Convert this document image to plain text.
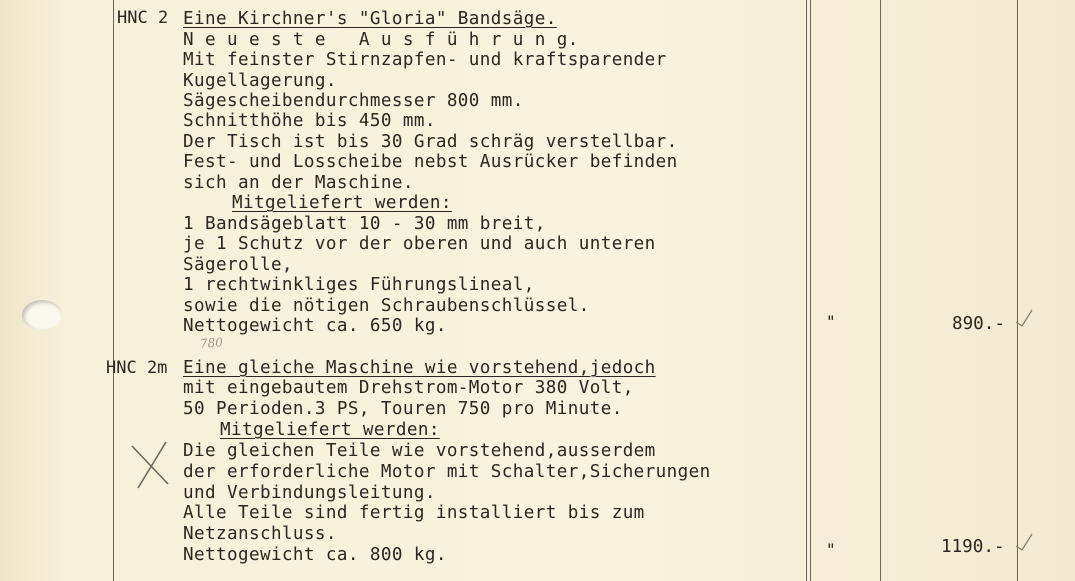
HNC 2 Eine Kirchner's "Gloria" Bandsäge.
N e u e s t e   A u s f ü h r u n g.
Mit feinster Stirnzapfen- und kraftsparender
Kugellagerung.
Sägescheibendurchmesser 800 mm.
Schnitthöhe bis 450 mm.
Der Tisch ist bis 30 Grad schräg verstellbar.
Fest- und Losscheibe nebst Ausrücker befinden
sich an der Maschine.
Mitgeliefert werden:
1 Bandsägeblatt 10 - 30 mm breit,
je 1 Schutz vor der oberen und auch unteren
Sägerolle,
1 rechtwinkliges Führungslineal,
sowie die nötigen Schraubenschlüssel.
Nettogewicht ca. 650 kg.	"	890.-
780
HNC 2m Eine gleiche Maschine wie vorstehend,jedoch
mit eingebautem Drehstrom-Motor 380 Volt,
50 Perioden.3 PS, Touren 750 pro Minute.
Mitgeliefert werden:
Die gleichen Teile wie vorstehend,ausserdem
der erforderliche Motor mit Schalter,Sicherungen
und Verbindungsleitung.
Alle Teile sind fertig installiert bis zum
Netzanschluss.
Nettogewicht ca. 800 kg.	"	1190.-
